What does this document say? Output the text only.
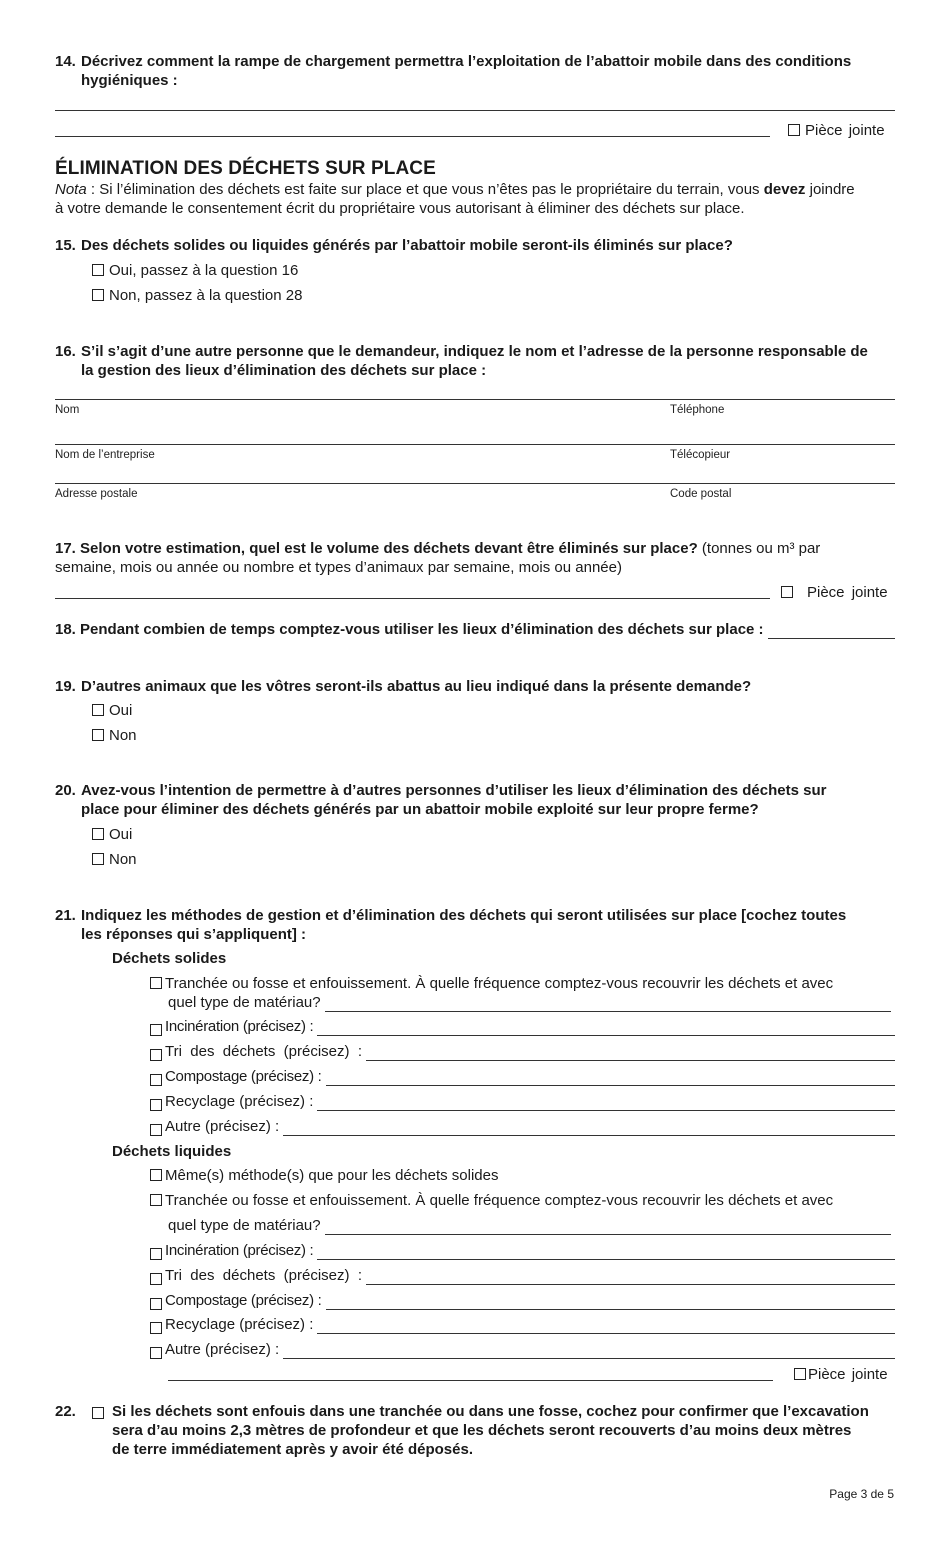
14. Décrivez comment la rampe de chargement permettra l’exploitation de l’abattoir mobile dans des conditions
hygiéniques :
Pièce jointe
ÉLIMINATION DES DÉCHETS SUR PLACE
Nota : Si l’élimination des déchets est faite sur place et que vous n’êtes pas le propriétaire du terrain, vous devez joindre
à votre demande le consentement écrit du propriétaire vous autorisant à éliminer des déchets sur place.
15. Des déchets solides ou liquides générés par l’abattoir mobile seront-ils éliminés sur place?
Oui, passez à la question 16
Non, passez à la question 28
16. S’il s’agit d’une autre personne que le demandeur, indiquez le nom et l’adresse de la personne responsable de
la gestion des lieux d’élimination des déchets sur place :
Nom	Téléphone
Nom de l’entreprise	Télécopieur
Adresse postale	Code postal
17. Selon votre estimation, quel est le volume des déchets devant être éliminés sur place? (tonnes ou m³ par
semaine, mois ou année ou nombre et types d’animaux par semaine, mois ou année)
Pièce jointe
18. Pendant combien de temps comptez-vous utiliser les lieux d’élimination des déchets sur place :
19. D’autres animaux que les vôtres seront-ils abattus au lieu indiqué dans la présente demande?
Oui
Non
20. Avez-vous l’intention de permettre à d’autres personnes d’utiliser les lieux d’élimination des déchets sur
place pour éliminer des déchets générés par un abattoir mobile exploité sur leur propre ferme?
Oui
Non
21. Indiquez les méthodes de gestion et d’élimination des déchets qui seront utilisées sur place [cochez toutes
les réponses qui s’appliquent] :
Déchets solides
Tranchée ou fosse et enfouissement. À quelle fréquence comptez-vous recouvrir les déchets et avec
quel type de matériau?
Incinération (précisez) :
Tri  des  déchets  (précisez)  :
Compostage (précisez) :
Recyclage (précisez) :
Autre (précisez) :
Déchets liquides
Même(s) méthode(s) que pour les déchets solides
Tranchée ou fosse et enfouissement. À quelle fréquence comptez-vous recouvrir les déchets et avec
quel type de matériau?
Incinération (précisez) :
Tri  des  déchets  (précisez)  :
Compostage (précisez) :
Recyclage (précisez) :
Autre (précisez) :
Pièce jointe
22. Si les déchets sont enfouis dans une tranchée ou dans une fosse, cochez pour confirmer que l’excavation
sera d’au moins 2,3 mètres de profondeur et que les déchets seront recouverts d’au moins deux mètres
de terre immédiatement après y avoir été déposés.
Page 3 de 5
